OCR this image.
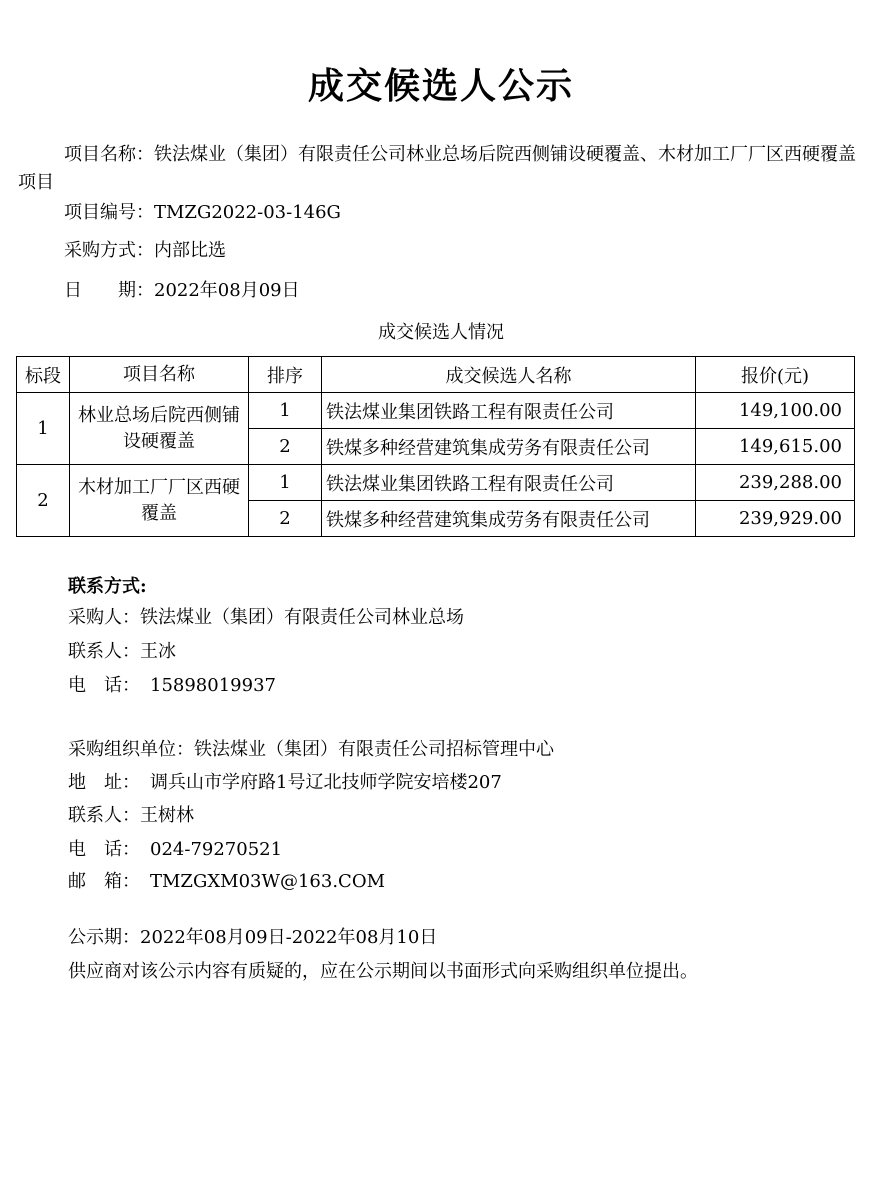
成交候选人公示
项目名称：铁法煤业（集团）有限责任公司林业总场后院西侧铺设硬覆盖、木材加工厂厂区西硬覆盖项目
项目编号：TMZG2022-03-146G
采购方式：内部比选
日　　期：2022年08月09日
成交候选人情况
标段	项目名称	排序	成交候选人名称	报价(元)
1	林业总场后院西侧铺设硬覆盖	1	铁法煤业集团铁路工程有限责任公司	149,100.00
		2	铁煤多种经营建筑集成劳务有限责任公司	149,615.00
2	木材加工厂厂区西硬覆盖	1	铁法煤业集团铁路工程有限责任公司	239,288.00
		2	铁煤多种经营建筑集成劳务有限责任公司	239,929.00
联系方式:
采购人：铁法煤业（集团）有限责任公司林业总场
联系人：王冰
电　话： 15898019937
采购组织单位：铁法煤业（集团）有限责任公司招标管理中心
地　址： 调兵山市学府路1号辽北技师学院安培楼207
联系人：王树林
电　话： 024-79270521
邮　箱： TMZGXM03W@163.COM
公示期：2022年08月09日-2022年08月10日
供应商对该公示内容有质疑的，应在公示期间以书面形式向采购组织单位提出。
